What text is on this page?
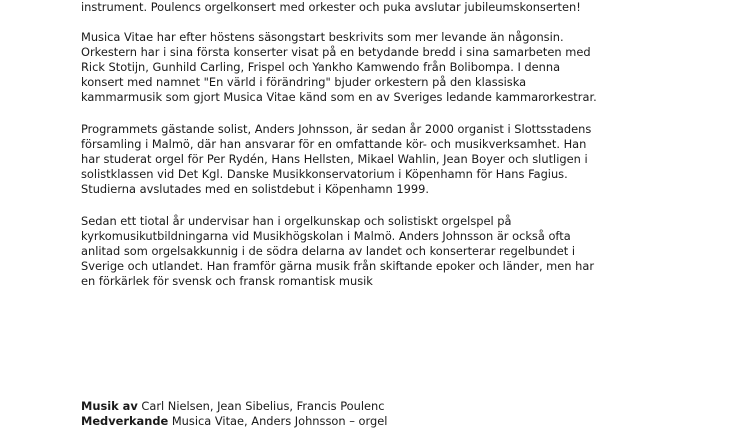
instrument. Poulencs orgelkonsert med orkester och puka avslutar jubileumskonserten!
Musica Vitae har efter höstens säsongstart beskrivits som mer levande än någonsin.
Orkestern har i sina första konserter visat på en betydande bredd i sina samarbeten med
Rick Stotijn, Gunhild Carling, Frispel och Yankho Kamwendo från Bolibompa. I denna
konsert med namnet "En värld i förändring" bjuder orkestern på den klassiska
kammarmusik som gjort Musica Vitae känd som en av Sveriges ledande kammarorkestrar.
Programmets gästande solist, Anders Johnsson, är sedan år 2000 organist i Slottsstadens
församling i Malmö, där han ansvarar för en omfattande kör- och musikverksamhet. Han
har studerat orgel för Per Rydén, Hans Hellsten, Mikael Wahlin, Jean Boyer och slutligen i
solistklassen vid Det Kgl. Danske Musikkonservatorium i Köpenhamn för Hans Fagius.
Studierna avslutades med en solistdebut i Köpenhamn 1999.
Sedan ett tiotal år undervisar han i orgelkunskap och solistiskt orgelspel på
kyrkomusikutbildningarna vid Musikhögskolan i Malmö. Anders Johnsson är också ofta
anlitad som orgelsakkunnig i de södra delarna av landet och konserterar regelbundet i
Sverige och utlandet. Han framför gärna musik från skiftande epoker och länder, men har
en förkärlek för svensk och fransk romantisk musik
Musik av Carl Nielsen, Jean Sibelius, Francis Poulenc
Medverkande Musica Vitae, Anders Johnsson – orgel
